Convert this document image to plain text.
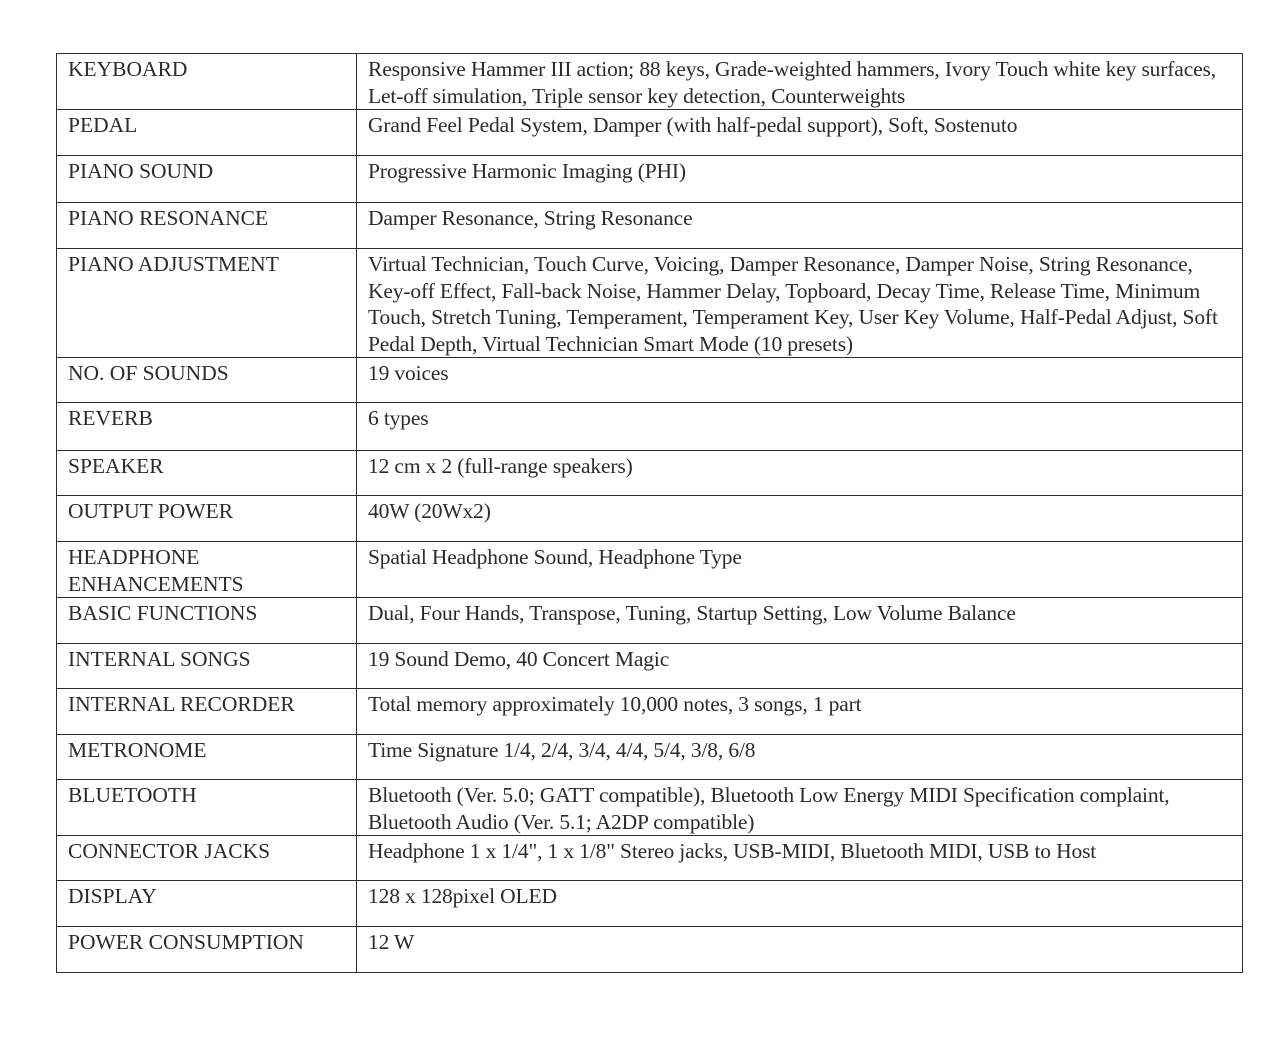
KEYBOARD	Responsive Hammer III action; 88 keys, Grade-weighted hammers, Ivory Touch white key surfaces, Let-off simulation, Triple sensor key detection, Counterweights
PEDAL	Grand Feel Pedal System, Damper (with half-pedal support), Soft, Sostenuto
PIANO SOUND	Progressive Harmonic Imaging (PHI)
PIANO RESONANCE	Damper Resonance, String Resonance
PIANO ADJUSTMENT	Virtual Technician, Touch Curve, Voicing, Damper Resonance, Damper Noise, String Resonance, Key-off Effect, Fall-back Noise, Hammer Delay, Topboard, Decay Time, Release Time, Minimum Touch, Stretch Tuning, Temperament, Temperament Key, User Key Volume, Half-Pedal Adjust, Soft Pedal Depth, Virtual Technician Smart Mode (10 presets)
NO. OF SOUNDS	19 voices
REVERB	6 types
SPEAKER	12 cm x 2 (full-range speakers)
OUTPUT POWER	40W (20Wx2)
HEADPHONE ENHANCEMENTS	Spatial Headphone Sound, Headphone Type
BASIC FUNCTIONS	Dual, Four Hands, Transpose, Tuning, Startup Setting, Low Volume Balance
INTERNAL SONGS	19 Sound Demo, 40 Concert Magic
INTERNAL RECORDER	Total memory approximately 10,000 notes, 3 songs, 1 part
METRONOME	Time Signature 1/4, 2/4, 3/4, 4/4, 5/4, 3/8, 6/8
BLUETOOTH	Bluetooth (Ver. 5.0; GATT compatible), Bluetooth Low Energy MIDI Specification complaint, Bluetooth Audio (Ver. 5.1; A2DP compatible)
CONNECTOR JACKS	Headphone 1 x 1/4", 1 x 1/8" Stereo jacks, USB-MIDI, Bluetooth MIDI, USB to Host
DISPLAY	128 x 128pixel OLED
POWER CONSUMPTION	12 W
